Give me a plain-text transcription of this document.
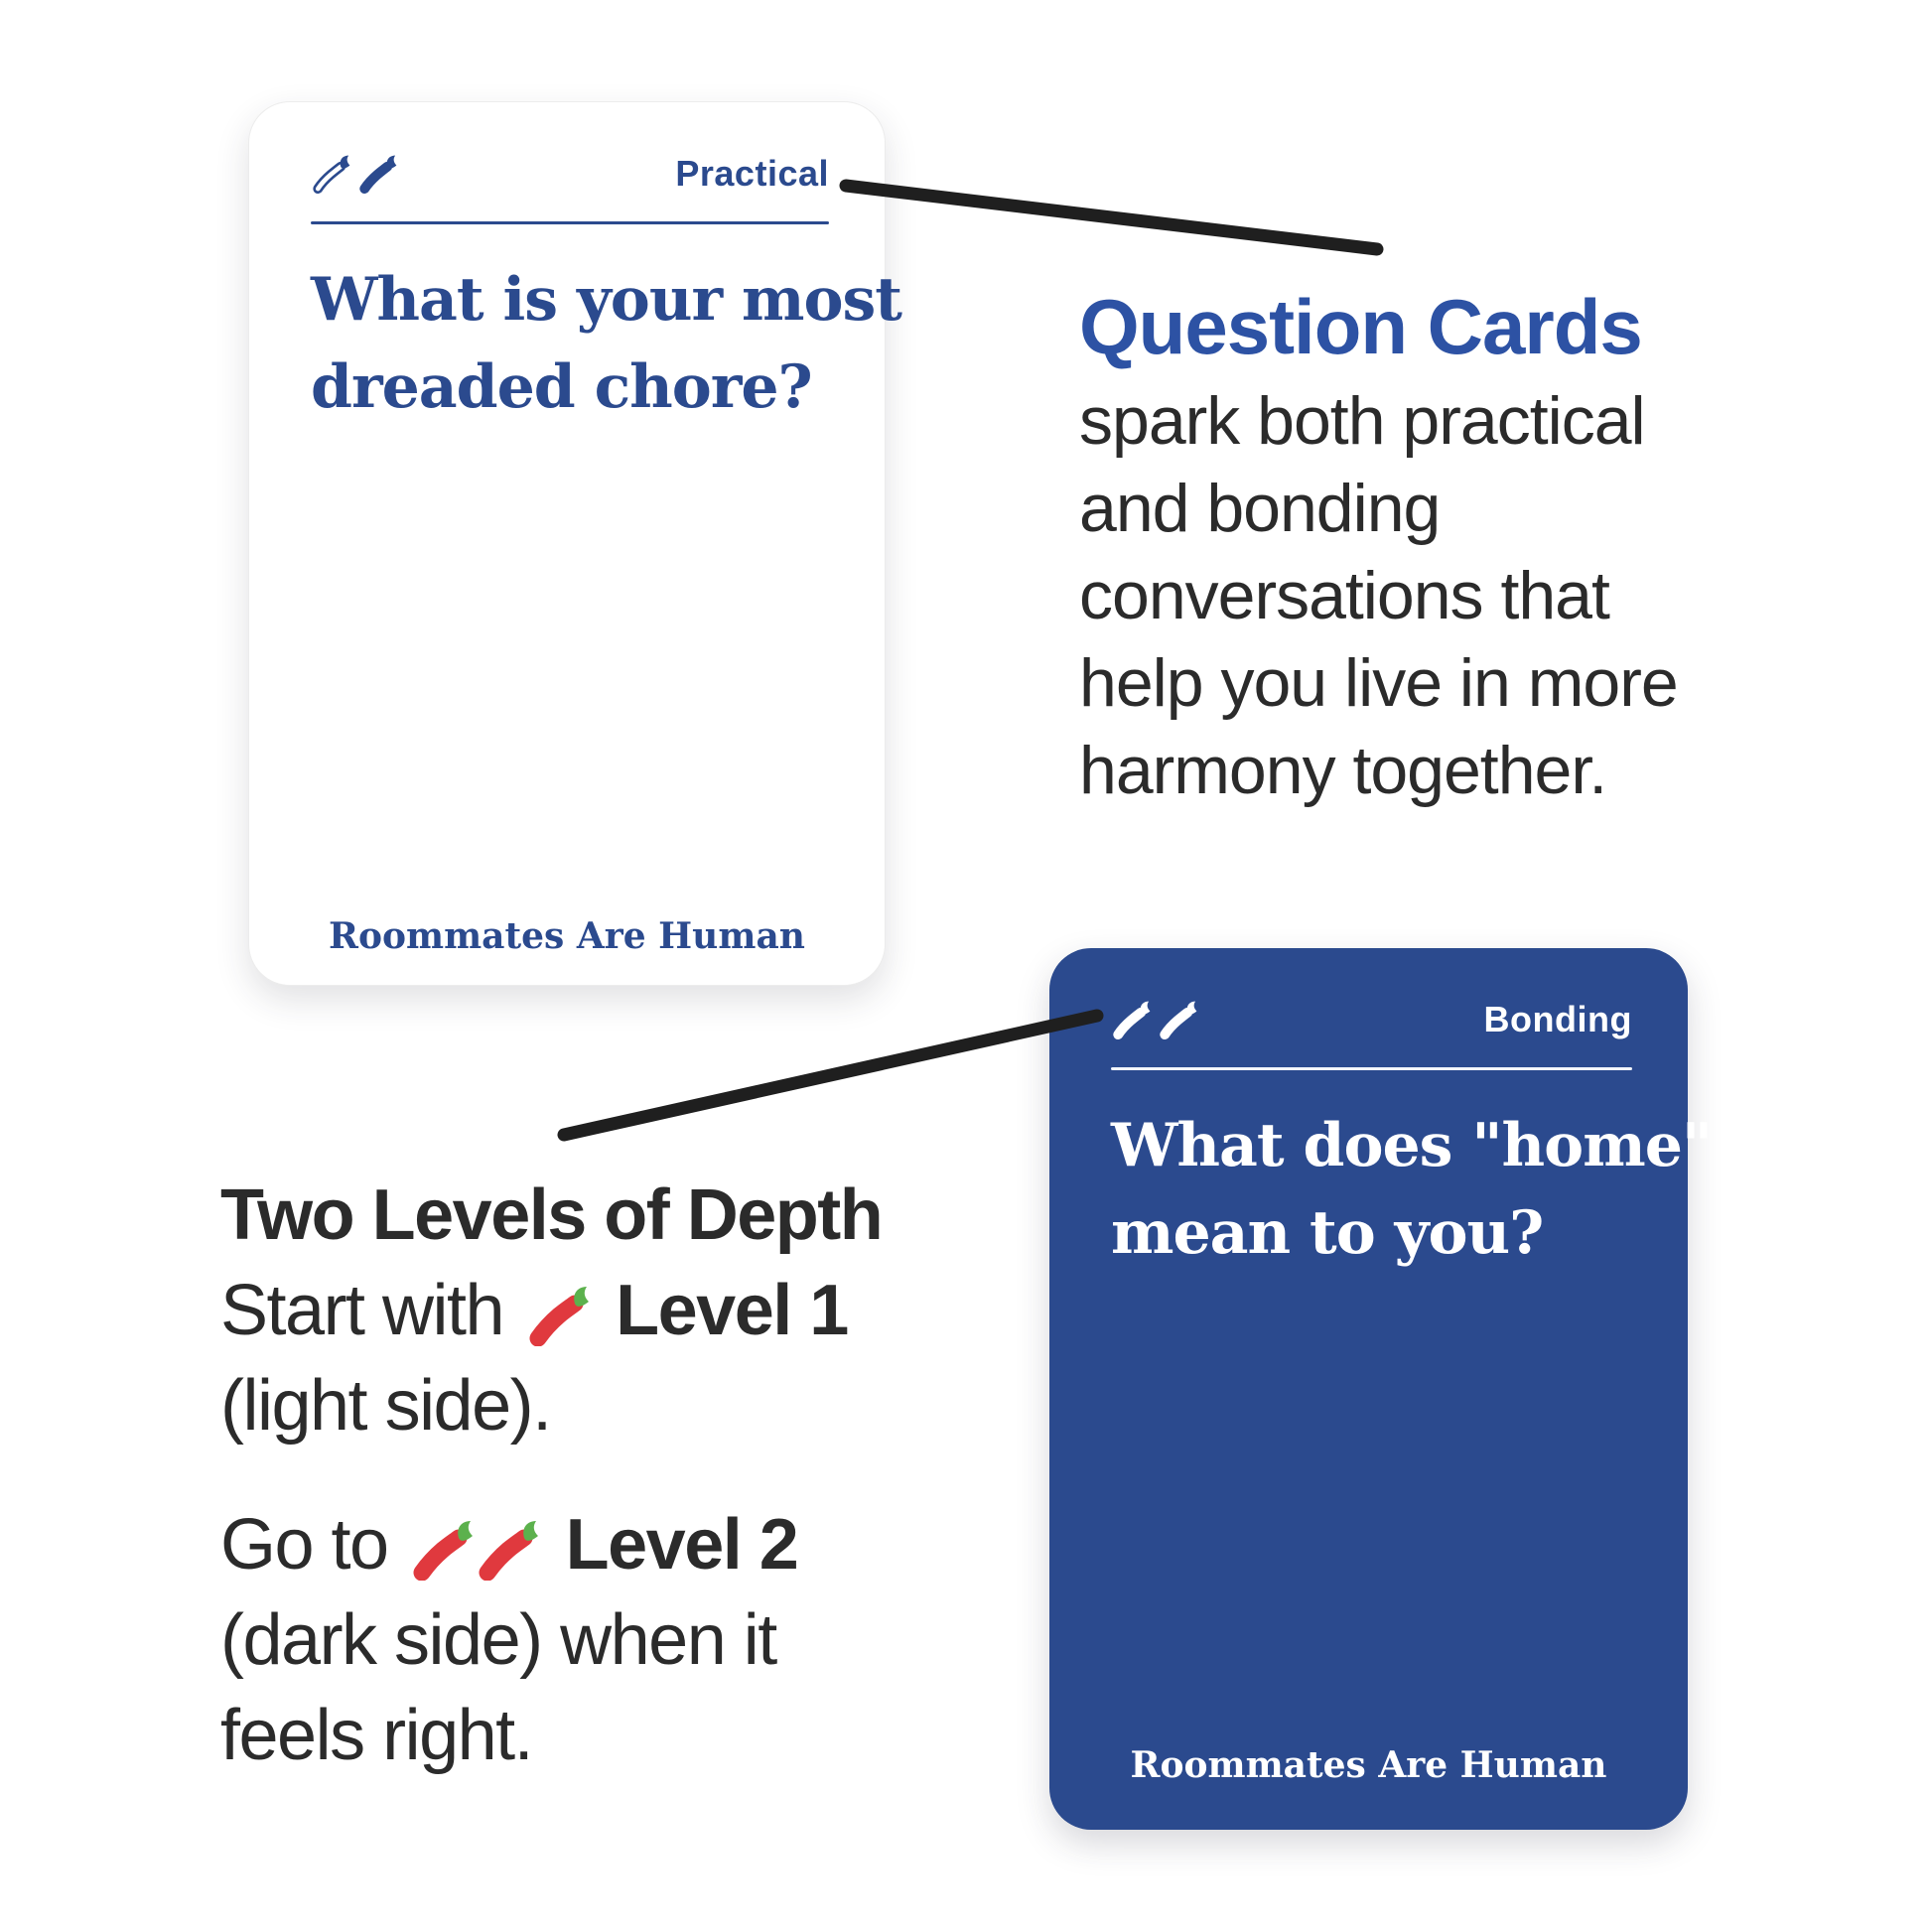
Practical
What is your most
dreaded chore?
Roommates Are Human
Bonding
What does "home"
mean to you?
Roommates Are Human
Question Cards
spark both practical
and bonding
conversations that
help you live in more
harmony together.
Two Levels of Depth
Start with Level 1
(light side).
Go to Level 2
(dark side) when it
feels right.
